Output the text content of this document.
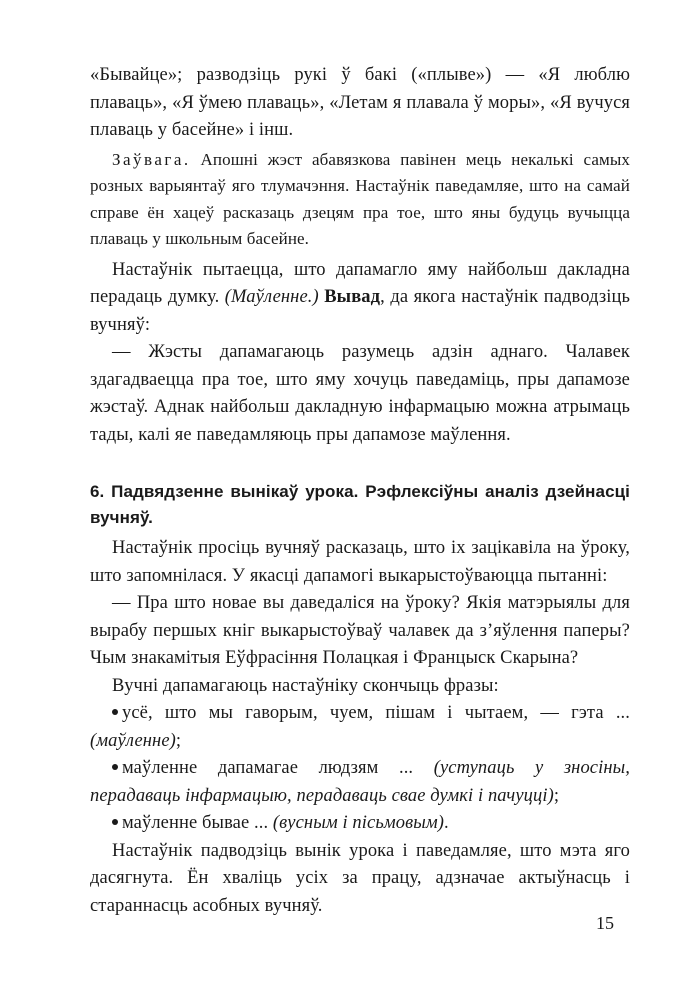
«Бывайце»; разводзіць рукі ў бакі («плыве») — «Я люблю плаваць», «Я ўмею плаваць», «Летам я плавала ў моры», «Я вучуся плаваць у басейне» і інш.

Заўвага. Апошні жэст абавязкова павінен мець некалькі самых розных варыянтаў яго тлумачэння. Настаўнік паведамляе, што на самай справе ён хацеў расказаць дзецям пра тое, што яны будуць вучыцца плаваць у школьным басейне.

Настаўнік пытаецца, што дапамагло яму найбольш дакладна перадаць думку. (Маўленне.) Вывад, да якога настаўнік падводзіць вучняў:

— Жэсты дапамагаюць разумець адзін аднаго. Чалавек здагадваецца пра тое, што яму хочуць паведаміць, пры дапамозе жэстаў. Аднак найбольш дакладную інфармацыю можна атрымаць тады, калі яе паведамляюць пры дапамозе маўлення.

6. Падвядзенне вынікаў урока. Рэфлексіўны аналіз дзейнасці вучняў.

Настаўнік просіць вучняў расказаць, што іх зацікавіла на ўроку, што запомнілася. У якасці дапамогі выкарыстоўваюцца пытанні:

— Пра што новае вы даведаліся на ўроку? Якія матэрыялы для вырабу першых кніг выкарыстоўваў чалавек да з’яўлення паперы? Чым знакамітыя Еўфрасіння Полацкая і Францыск Скарына?

Вучні дапамагаюць настаўніку скончыць фразы:

усё, што мы гаворым, чуем, пішам і чытаем, — гэта ... (маўленне);

маўленне дапамагае людзям ... (уступаць у зносіны, перадаваць інфармацыю, перадаваць свае думкі і пачуцці);

маўленне бывае ... (вусным і пісьмовым).

Настаўнік падводзіць вынік урока і паведамляе, што мэта яго дасягнута. Ён хваліць усіх за працу, адзначае актыўнасць і стараннасць асобных вучняў.

15
